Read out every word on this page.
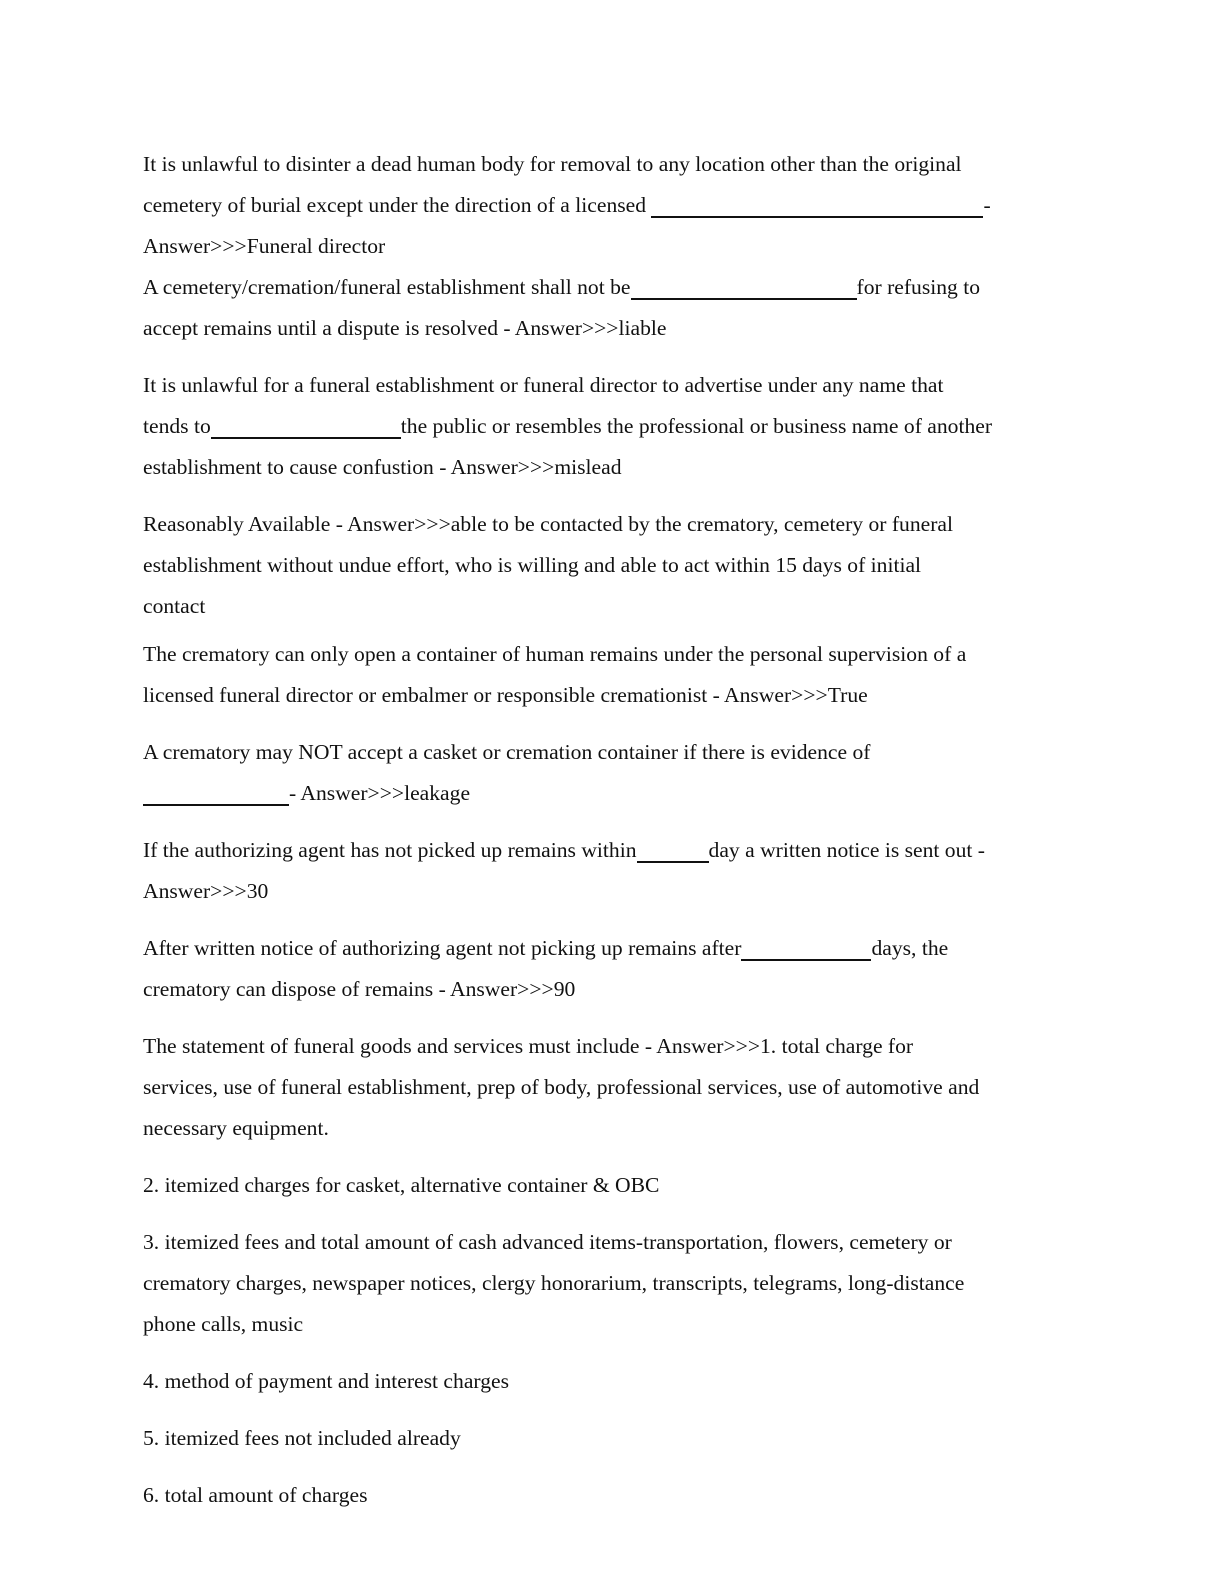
It is unlawful to disinter a dead human body for removal to any location other than the original

cemetery of burial except under the direction of a licensed	-

Answer>>>Funeral director

A cemetery/cremation/funeral establishment shall not be	for refusing to

accept remains until a dispute is resolved - Answer>>>liable

It is unlawful for a funeral establishment or funeral director to advertise under any name that

tends to	the public or resembles the professional or business name of another

establishment to cause confustion - Answer>>>mislead

Reasonably Available - Answer>>>able to be contacted by the crematory, cemetery or funeral

establishment without undue effort, who is willing and able to act within 15 days of initial

contact

The crematory can only open a container of human remains under the personal supervision of a

licensed funeral director or embalmer or responsible cremationist - Answer>>>True

A crematory may NOT accept a casket or cremation container if there is evidence of

- Answer>>>leakage

If the authorizing agent has not picked up remains within	day a written notice is sent out -

Answer>>>30

After written notice of authorizing agent not picking up remains after	days, the

crematory can dispose of remains - Answer>>>90

The statement of funeral goods and services must include - Answer>>>1. total charge for

services, use of funeral establishment, prep of body, professional services, use of automotive and

necessary equipment.

2. itemized charges for casket, alternative container & OBC

3. itemized fees and total amount of cash advanced items-transportation, flowers, cemetery or

crematory charges, newspaper notices, clergy honorarium, transcripts, telegrams, long-distance

phone calls, music

4. method of payment and interest charges

5. itemized fees not included already

6. total amount of charges
